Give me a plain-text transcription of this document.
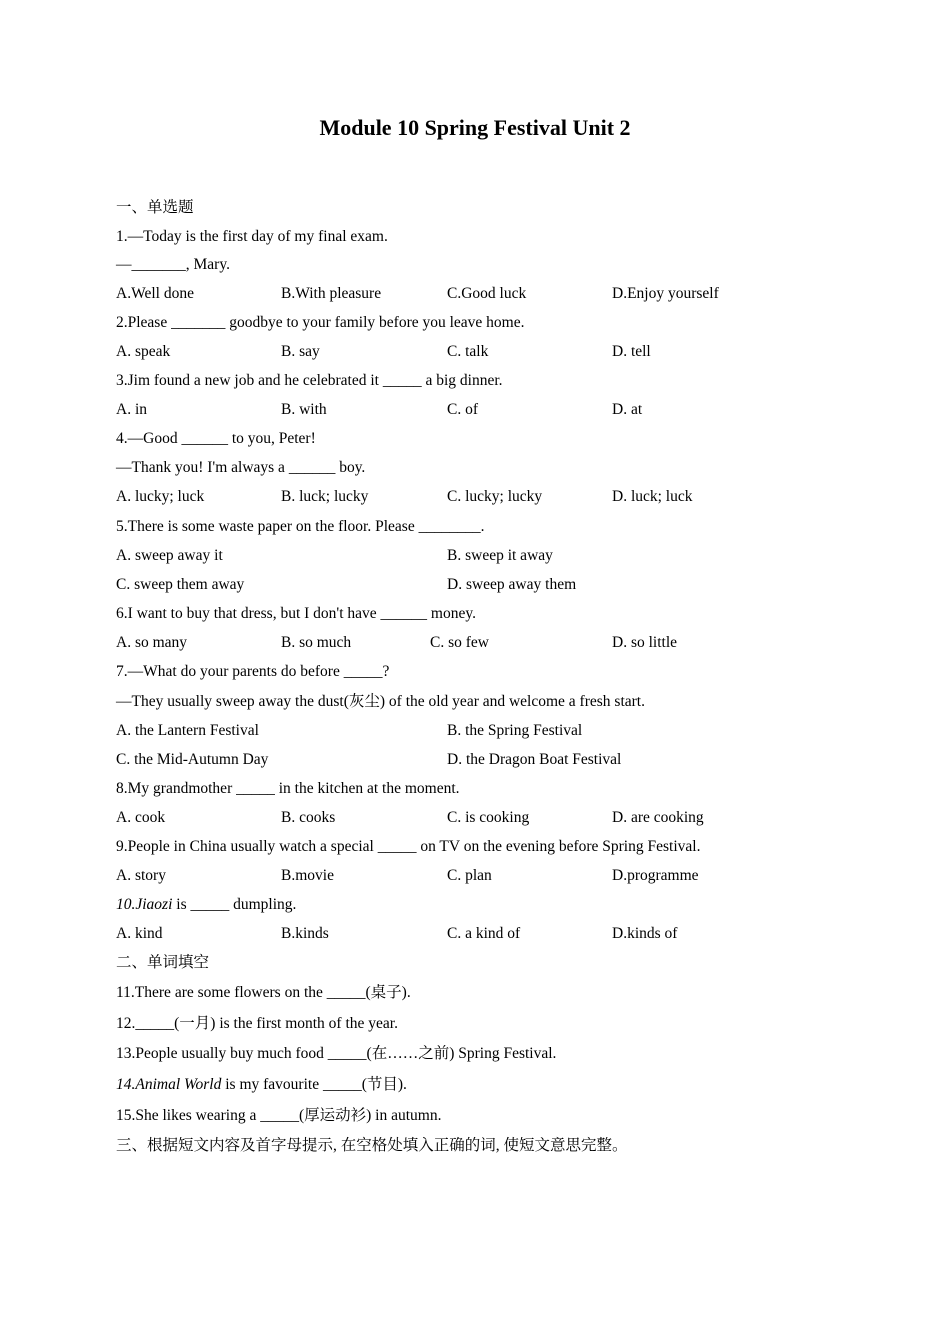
Module 10 Spring Festival Unit 2
一、单选题
1.—Today is the first day of my final exam.
—_______, Mary.
A.Well done	B.With pleasure	C.Good luck	D.Enjoy yourself
2.Please _______ goodbye to your family before you leave home.
A. speak	B. say	C. talk	D. tell
3.Jim found a new job and he celebrated it _____ a big dinner.
A. in	B. with	C. of	D. at
4.—Good ______ to you, Peter!
—Thank you! I'm always a ______ boy.
A. lucky; luck	B. luck; lucky	C. lucky; lucky	D. luck; luck
5.There is some waste paper on the floor. Please ________.
A. sweep away it	B. sweep it away
C. sweep them away	D. sweep away them
6.I want to buy that dress, but I don't have ______ money.
A. so many	B. so much	C. so few	D. so little
7.—What do your parents do before _____?
—They usually sweep away the dust(灰尘) of the old year and welcome a fresh start.
A. the Lantern Festival	B. the Spring Festival
C. the Mid-Autumn Day	D. the Dragon Boat Festival
8.My grandmother _____ in the kitchen at the moment.
A. cook	B. cooks	C. is cooking	D. are cooking
9.People in China usually watch a special _____ on TV on the evening before Spring Festival.
A. story	B.movie	C. plan	D.programme
10.Jiaozi is _____ dumpling.
A. kind	B.kinds	C. a kind of	D.kinds of
二、单词填空
11.There are some flowers on the _____(桌子).
12._____(一月) is the first month of the year.
13.People usually buy much food _____(在……之前) Spring Festival.
14.Animal World is my favourite _____(节目).
15.She likes wearing a _____(厚运动衫) in autumn.
三、根据短文内容及首字母提示, 在空格处填入正确的词, 使短文意思完整。
